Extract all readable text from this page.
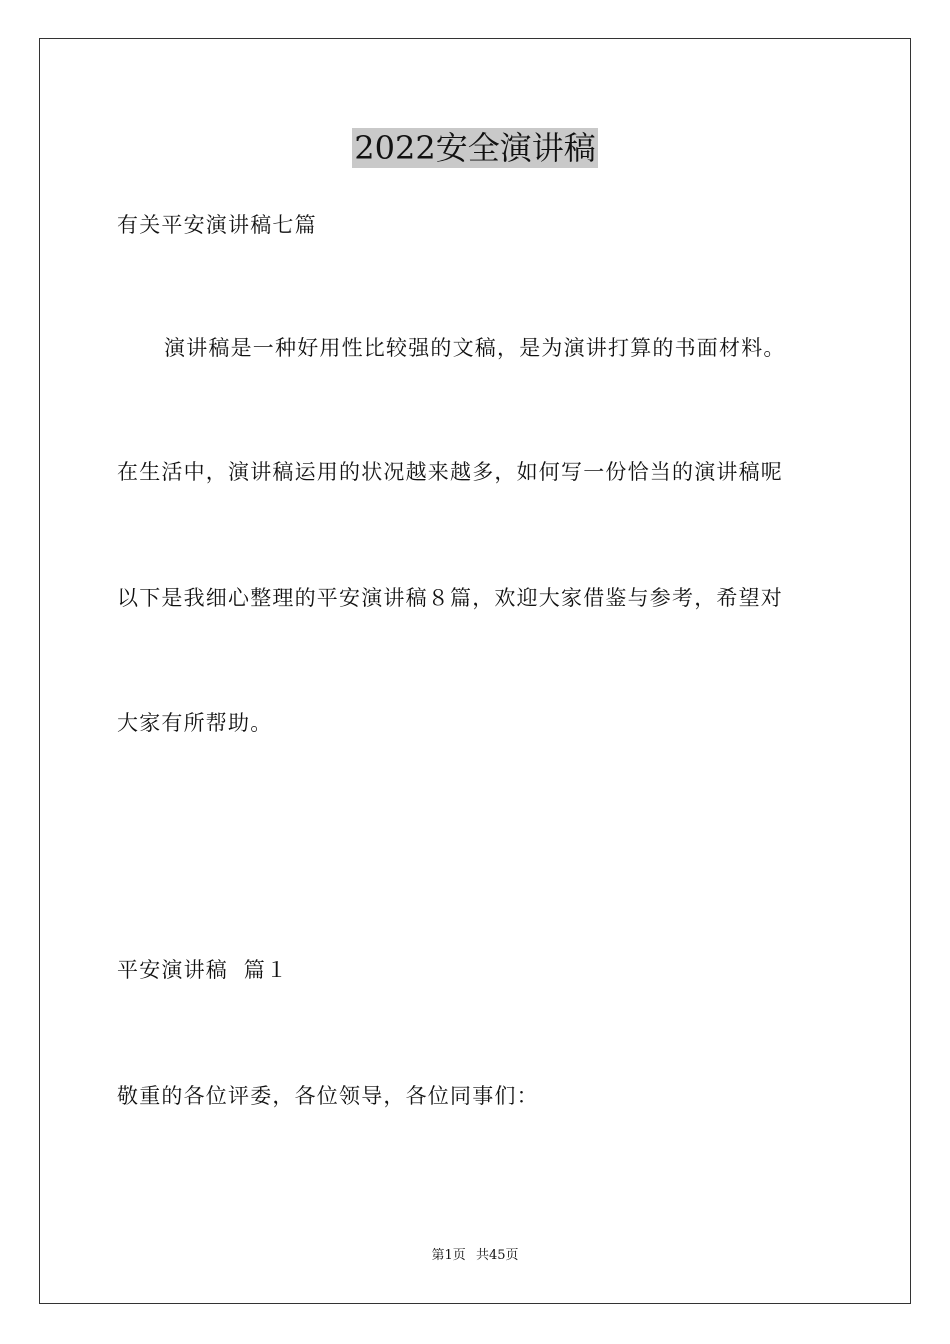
2022安全演讲稿
有关平安演讲稿七篇
演讲稿是一种好用性比较强的文稿，是为演讲打算的书面材料。
在生活中，演讲稿运用的状况越来越多，如何写一份恰当的演讲稿呢
以下是我细心整理的平安演讲稿８篇，欢迎大家借鉴与参考，希望对
大家有所帮助。
平安演讲稿  篇１
敬重的各位评委，各位领导，各位同事们：
第1页 共45页
